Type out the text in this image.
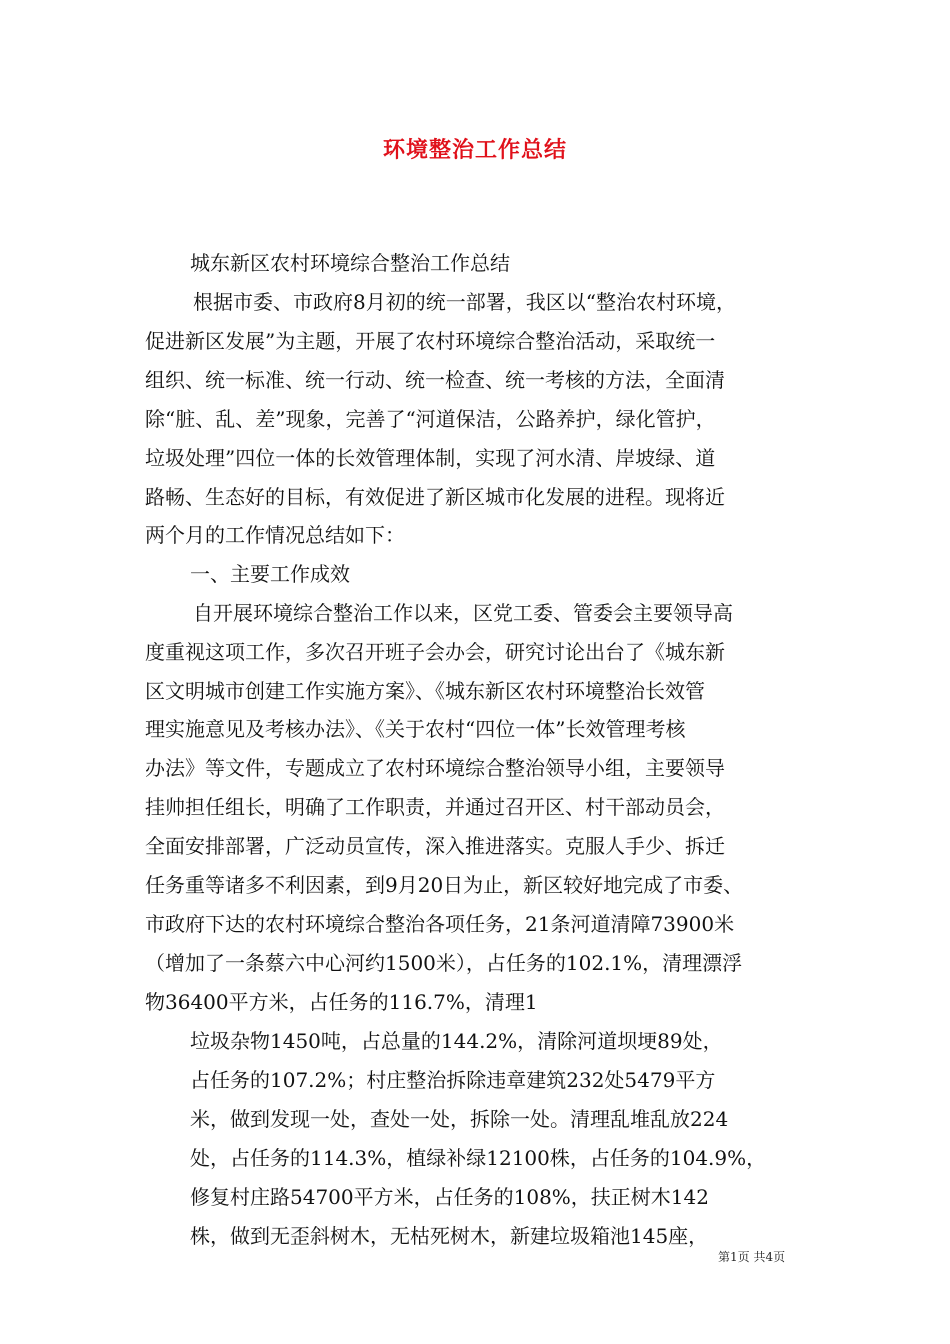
环境整治工作总结
城东新区农村环境综合整治工作总结
根据市委、市政府8月初的统一部署，我区以“整治农村环境，
促进新区发展”为主题，开展了农村环境综合整治活动，采取统一
组织、统一标准、统一行动、统一检查、统一考核的方法，全面清
除“脏、乱、差”现象，完善了“河道保洁，公路养护，绿化管护，
垃圾处理”四位一体的长效管理体制，实现了河水清、岸坡绿、道
路畅、生态好的目标，有效促进了新区城市化发展的进程。现将近
两个月的工作情况总结如下：
一、主要工作成效
自开展环境综合整治工作以来，区党工委、管委会主要领导高
度重视这项工作，多次召开班子会办会，研究讨论出台了《城东新
区文明城市创建工作实施方案》、《城东新区农村环境整治长效管
理实施意见及考核办法》、《关于农村“四位一体”长效管理考核
办法》等文件，专题成立了农村环境综合整治领导小组，主要领导
挂帅担任组长，明确了工作职责，并通过召开区、村干部动员会，
全面安排部署，广泛动员宣传，深入推进落实。克服人手少、拆迁
任务重等诸多不利因素，到9月20日为止，新区较好地完成了市委、
市政府下达的农村环境综合整治各项任务，21条河道清障73900米
（增加了一条蔡六中心河约1500米），占任务的102.1%，清理漂浮
物36400平方米，占任务的116.7%，清理1
垃圾杂物1450吨，占总量的144.2%，清除河道坝埂89处，
占任务的107.2%；村庄整治拆除违章建筑232处5479平方
米，做到发现一处，查处一处，拆除一处。清理乱堆乱放224
处，占任务的114.3%，植绿补绿12100株，占任务的104.9%，
修复村庄路54700平方米，占任务的108%，扶正树木142
株，做到无歪斜树木，无枯死树木，新建垃圾箱池145座，
第1页 共4页
